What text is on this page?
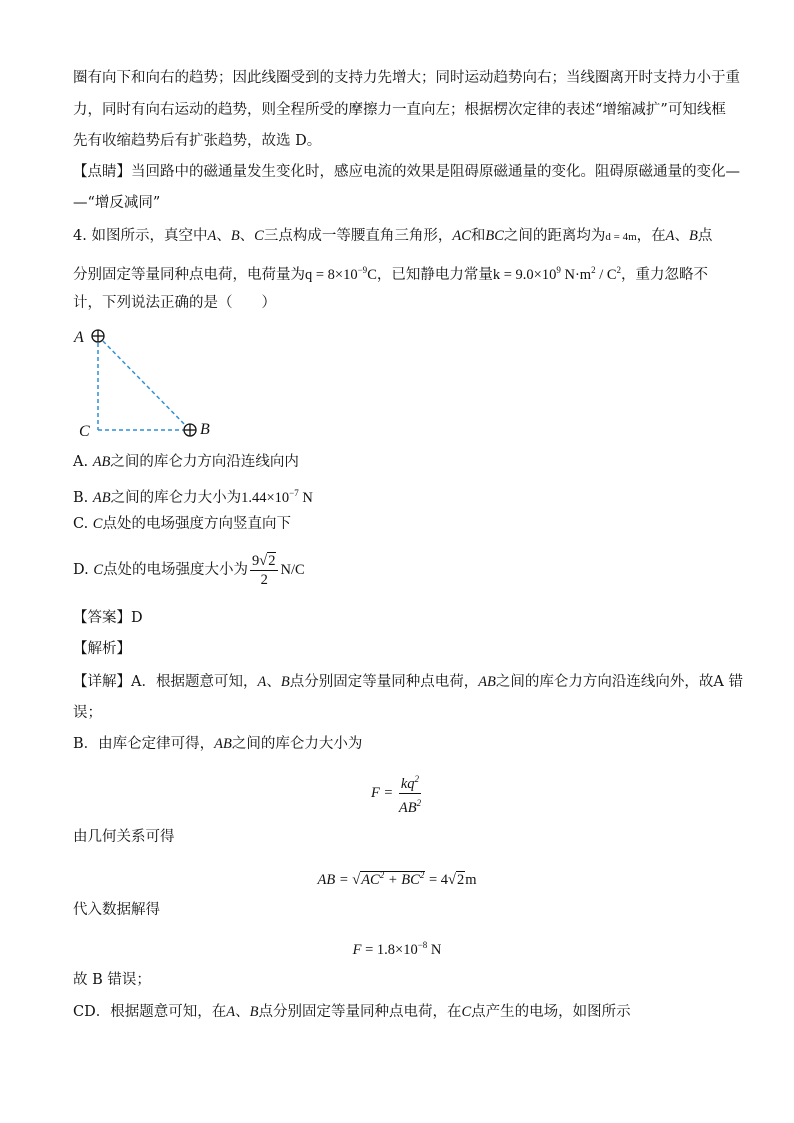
圈有向下和向右的趋势；因此线圈受到的支持力先增大；同时运动趋势向右；当线圈离开时支持力小于重
力，同时有向右运动的趋势，则全程所受的摩擦力一直向左；根据楞次定律的表述“增缩减扩”可知线框
先有收缩趋势后有扩张趋势，故选 D。
【点睛】当回路中的磁通量发生变化时，感应电流的效果是阻碍原磁通量的变化。阻碍原磁通量的变化—
—“增反减同”
4. 如图所示，真空中A、B、C三点构成一等腰直角三角形，AC和BC之间的距离均为d = 4m，在A、B点
分别固定等量同种点电荷，电荷量为$q = 8\times 10^{-9}C$，已知静电力常量$k = 9.0\times 10^9$ $N\cdot m^2 / C^2$，重力忽略不
计，下列说法正确的是（　　）
A
B
C
A. AB之间的库仑力方向沿连线向内
B. AB之间的库仑力大小为$1.44\times 10^{-7}$ N
C. C点处的电场强度方向竖直向下
D. C点处的电场强度大小为 $\frac{9√2}{2} N/C$
【答案】D
【解析】
【详解】A．根据题意可知，A、B点分别固定等量同种点电荷，AB之间的库仑力方向沿连线向外，故A 错
误；
B．由库仑定律可得，AB之间的库仑力大小为
$F = \frac{kq^2}{AB^2}$
由几何关系可得
AB = $√AC^2 + BC^2 = 4√2m$
代入数据解得
$F = 1.8\times 10^{-8}$ N
故 B 错误；
CD．根据题意可知，在A、B点分别固定等量同种点电荷，在C点产生的电场，如图所示
